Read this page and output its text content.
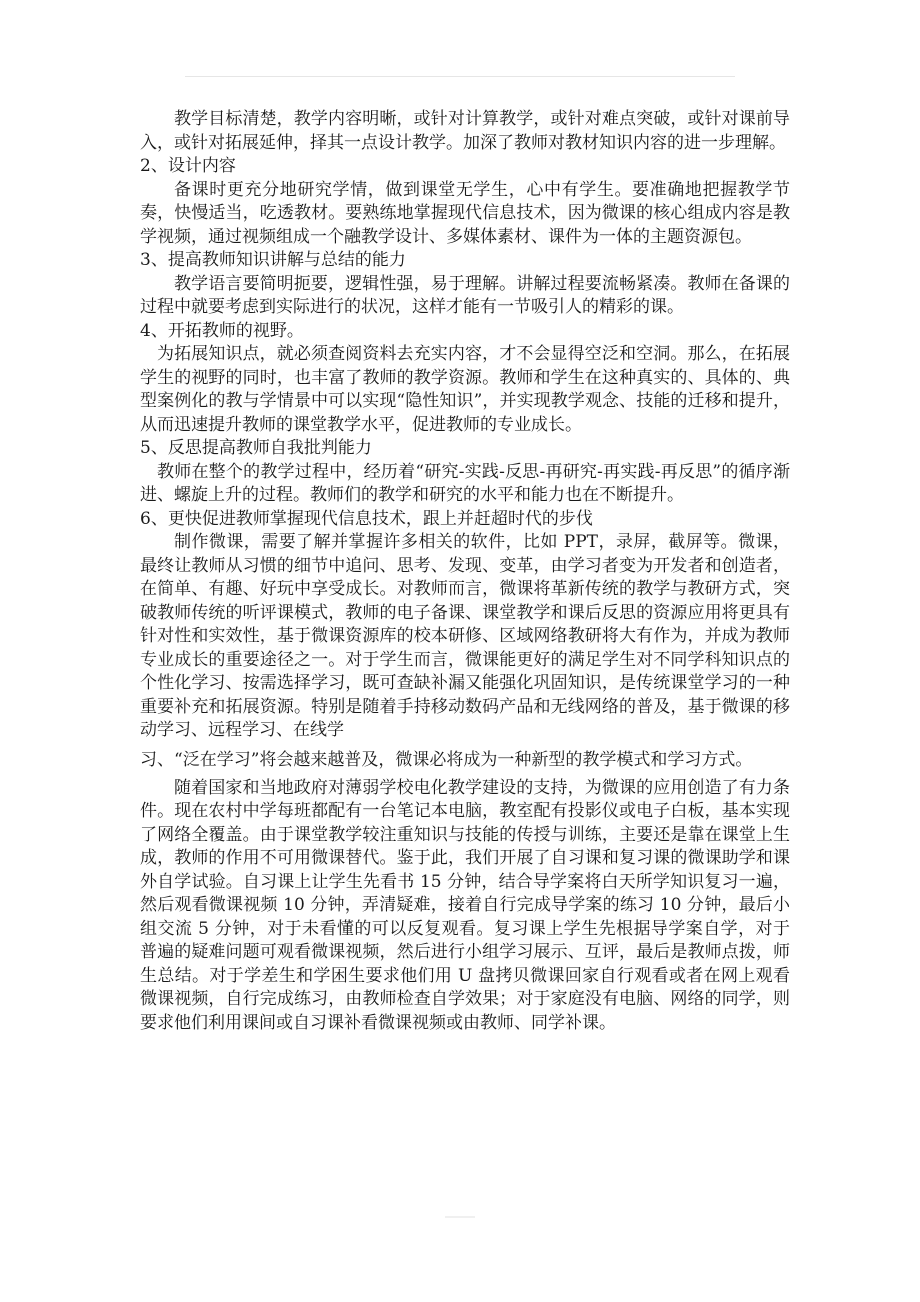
教学目标清楚，教学内容明晰，或针对计算教学，或针对难点突破，或针对课前导入，或针对拓展延伸，择其一点设计教学。加深了教师对教材知识内容的进一步理解。

2、设计内容

备课时更充分地研究学情，做到课堂无学生，心中有学生。要准确地把握教学节奏，快慢适当，吃透教材。要熟练地掌握现代信息技术，因为微课的核心组成内容是教学视频，通过视频组成一个融教学设计、多媒体素材、课件为一体的主题资源包。

3、提高教师知识讲解与总结的能力

教学语言要简明扼要，逻辑性强，易于理解。讲解过程要流畅紧凑。教师在备课的过程中就要考虑到实际进行的状况，这样才能有一节吸引人的精彩的课。

4、开拓教师的视野。

为拓展知识点，就必须查阅资料去充实内容，才不会显得空泛和空洞。那么，在拓展学生的视野的同时，也丰富了教师的教学资源。教师和学生在这种真实的、具体的、典型案例化的教与学情景中可以实现“隐性知识”，并实现教学观念、技能的迁移和提升，从而迅速提升教师的课堂教学水平，促进教师的专业成长。

5、反思提高教师自我批判能力

教师在整个的教学过程中，经历着“研究-实践-反思-再研究-再实践-再反思”的循序渐进、螺旋上升的过程。教师们的教学和研究的水平和能力也在不断提升。

6、更快促进教师掌握现代信息技术，跟上并赶超时代的步伐

制作微课，需要了解并掌握许多相关的软件，比如 PPT，录屏，截屏等。微课，最终让教师从习惯的细节中追问、思考、发现、变革，由学习者变为开发者和创造者，在简单、有趣、好玩中享受成长。对教师而言，微课将革新传统的教学与教研方式，突破教师传统的听评课模式，教师的电子备课、课堂教学和课后反思的资源应用将更具有针对性和实效性，基于微课资源库的校本研修、区域网络教研将大有作为，并成为教师专业成长的重要途径之一。对于学生而言，微课能更好的满足学生对不同学科知识点的个性化学习、按需选择学习，既可查缺补漏又能强化巩固知识，是传统课堂学习的一种重要补充和拓展资源。特别是随着手持移动数码产品和无线网络的普及，基于微课的移动学习、远程学习、在线学

习、“泛在学习”将会越来越普及，微课必将成为一种新型的教学模式和学习方式。

随着国家和当地政府对薄弱学校电化教学建设的支持，为微课的应用创造了有力条件。现在农村中学每班都配有一台笔记本电脑，教室配有投影仪或电子白板，基本实现了网络全覆盖。由于课堂教学较注重知识与技能的传授与训练，主要还是靠在课堂上生成，教师的作用不可用微课替代。鉴于此，我们开展了自习课和复习课的微课助学和课外自学试验。自习课上让学生先看书 15 分钟，结合导学案将白天所学知识复习一遍，然后观看微课视频 10 分钟，弄清疑难，接着自行完成导学案的练习 10 分钟，最后小组交流 5 分钟，对于未看懂的可以反复观看。复习课上学生先根据导学案自学，对于普遍的疑难问题可观看微课视频，然后进行小组学习展示、互评，最后是教师点拨，师生总结。对于学差生和学困生要求他们用 U 盘拷贝微课回家自行观看或者在网上观看微课视频，自行完成练习，由教师检查自学效果；对于家庭没有电脑、网络的同学，则要求他们利用课间或自习课补看微课视频或由教师、同学补课。
